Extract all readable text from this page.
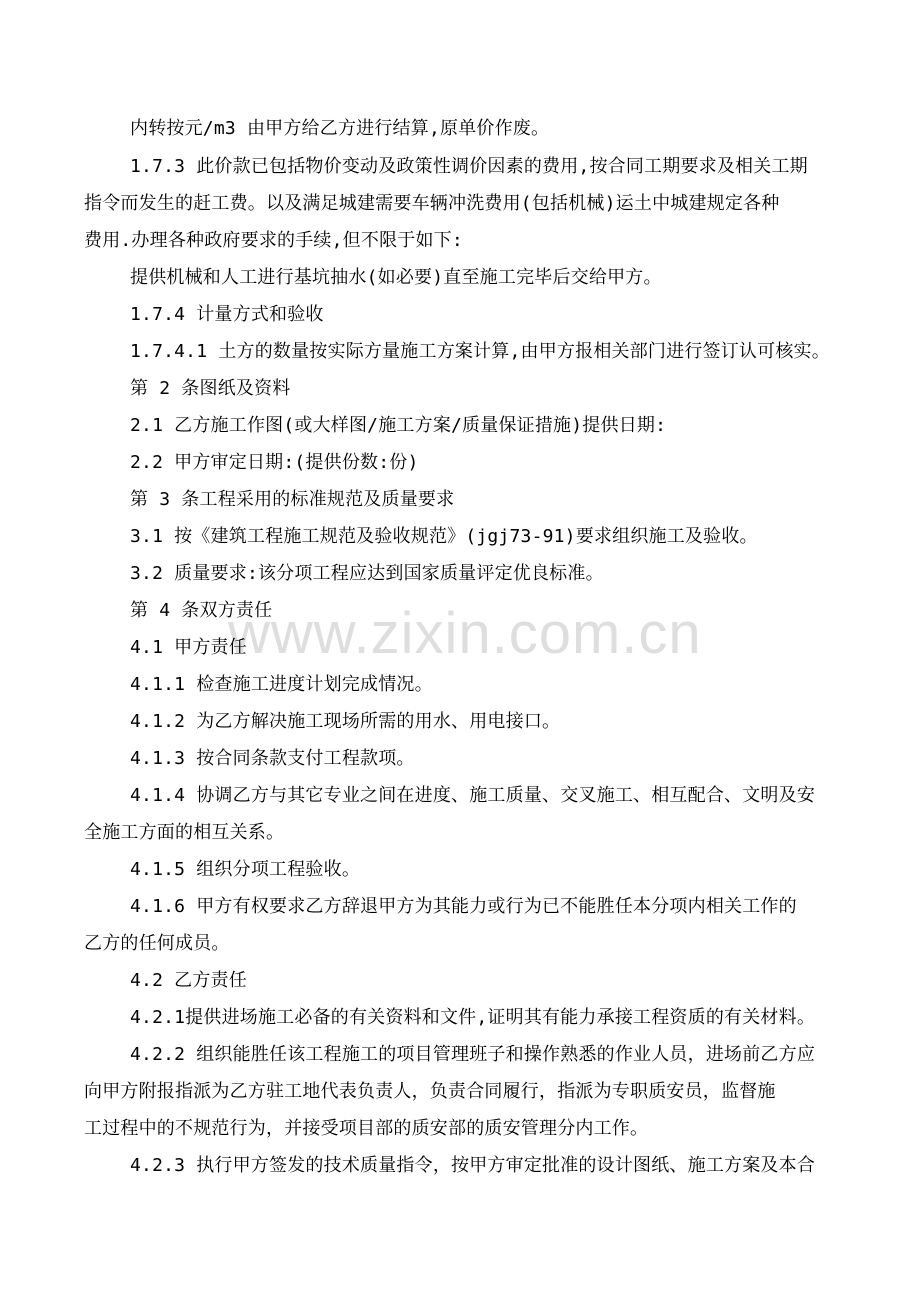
www.zixin.com.cn
内转按元/m3 由甲方给乙方进行结算,原单价作废。
1.7.3 此价款已包括物价变动及政策性调价因素的费用,按合同工期要求及相关工期
指令而发生的赶工费。以及满足城建需要车辆冲洗费用(包括机械)运土中城建规定各种
费用.办理各种政府要求的手续,但不限于如下:
提供机械和人工进行基坑抽水(如必要)直至施工完毕后交给甲方。
1.7.4 计量方式和验收
1.7.4.1 土方的数量按实际方量施工方案计算,由甲方报相关部门进行签订认可核实。
第 2 条图纸及资料
2.1 乙方施工作图(或大样图/施工方案/质量保证措施)提供日期:
2.2 甲方审定日期:(提供份数:份)
第 3 条工程采用的标准规范及质量要求
3.1 按《建筑工程施工规范及验收规范》(jgj73-91)要求组织施工及验收。
3.2 质量要求:该分项工程应达到国家质量评定优良标准。
第 4 条双方责任
4.1 甲方责任
4.1.1 检查施工进度计划完成情况。
4.1.2 为乙方解决施工现场所需的用水、用电接口。
4.1.3 按合同条款支付工程款项。
4.1.4 协调乙方与其它专业之间在进度、施工质量、交叉施工、相互配合、文明及安
全施工方面的相互关系。
4.1.5 组织分项工程验收。
4.1.6 甲方有权要求乙方辞退甲方为其能力或行为已不能胜任本分项内相关工作的
乙方的任何成员。
4.2 乙方责任
4.2.1提供进场施工必备的有关资料和文件,证明其有能力承接工程资质的有关材料。
4.2.2 组织能胜任该工程施工的项目管理班子和操作熟悉的作业人员，进场前乙方应
向甲方附报指派为乙方驻工地代表负责人，负责合同履行，指派为专职质安员，监督施
工过程中的不规范行为，并接受项目部的质安部的质安管理分内工作。
4.2.3 执行甲方签发的技术质量指令，按甲方审定批准的设计图纸、施工方案及本合
